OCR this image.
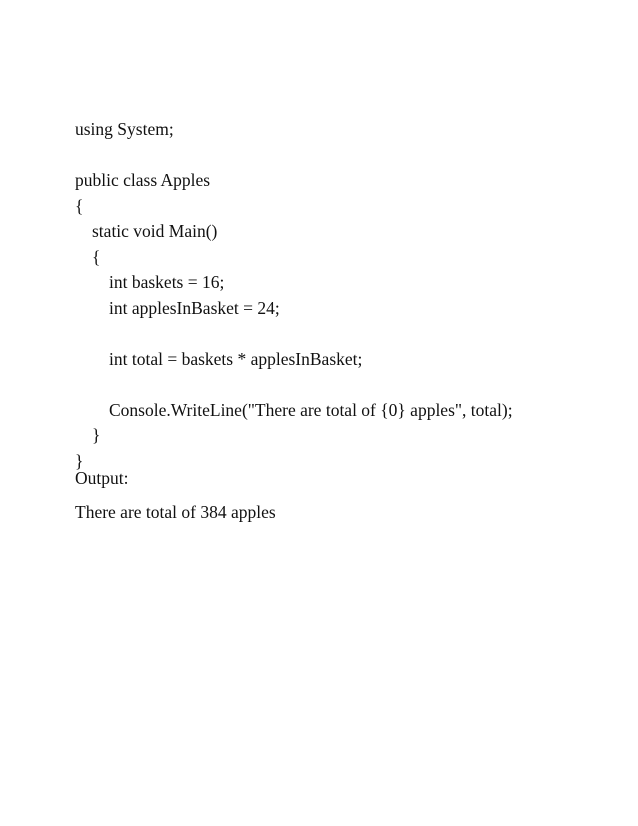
using System;
public class Apples
{
static void Main()
{
int baskets = 16;
int applesInBasket = 24;
int total = baskets * applesInBasket;
Console.WriteLine("There are total of {0} apples", total);
}
}
Output:
There are total of 384 apples
